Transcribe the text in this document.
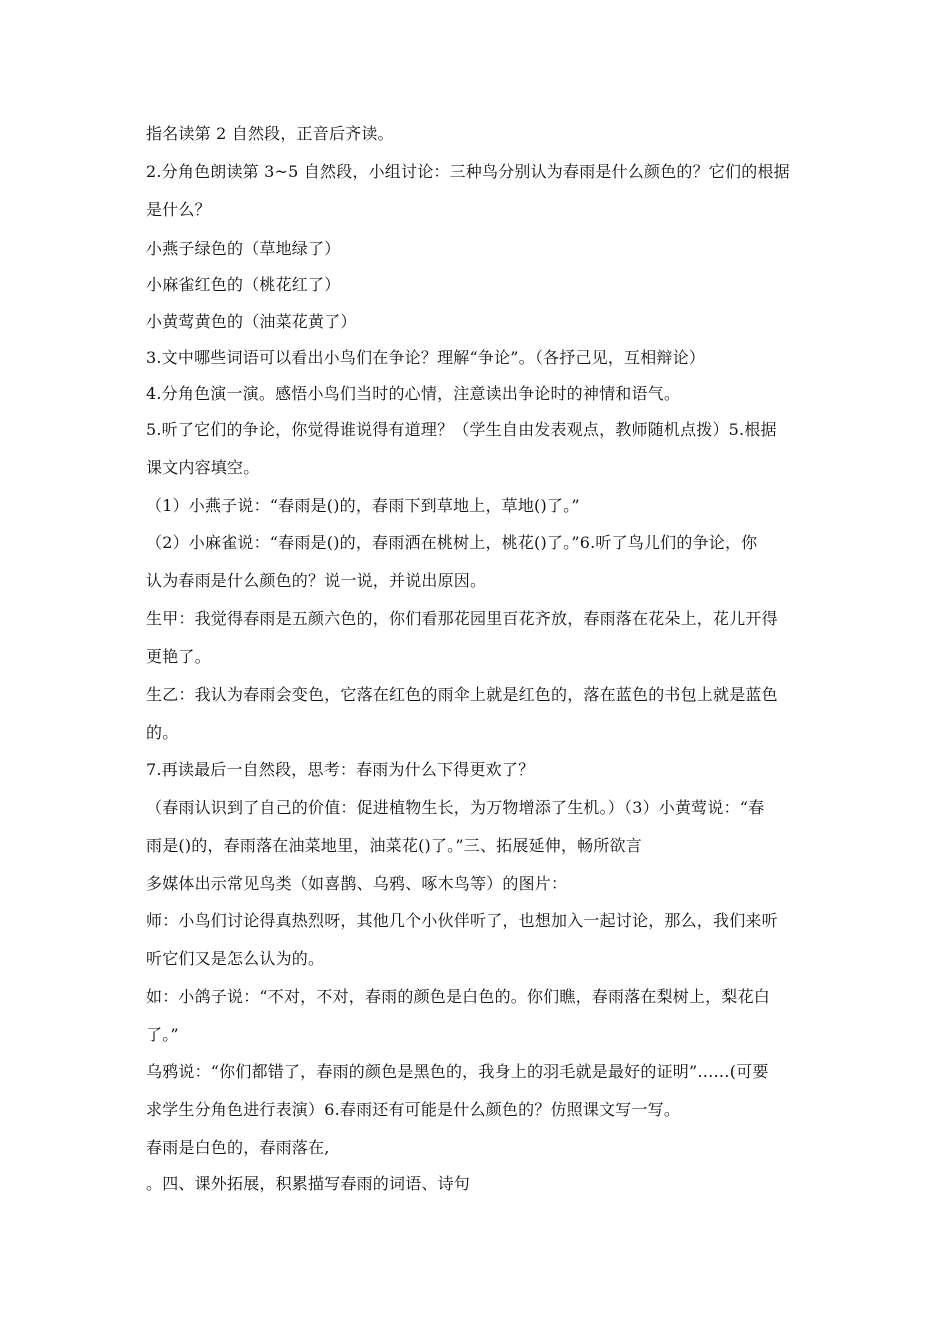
指名读第 2 自然段，正音后齐读。
2.分角色朗读第 3~5 自然段，小组讨论：三种鸟分别认为春雨是什么颜色的？它们的根据
是什么？
小燕子绿色的（草地绿了）
小麻雀红色的（桃花红了）
小黄莺黄色的（油菜花黄了）
3.文中哪些词语可以看出小鸟们在争论？理解“争论”。（各抒己见，互相辩论）
4.分角色演一演。感悟小鸟们当时的心情，注意读出争论时的神情和语气。
5.听了它们的争论，你觉得谁说得有道理？（学生自由发表观点，教师随机点拨）5.根据
课文内容填空。
（1）小燕子说：“春雨是()的，春雨下到草地上，草地()了。”
（2）小麻雀说：“春雨是()的，春雨洒在桃树上，桃花()了。”6.听了鸟儿们的争论，你
认为春雨是什么颜色的？说一说，并说出原因。
生甲：我觉得春雨是五颜六色的，你们看那花园里百花齐放，春雨落在花朵上，花儿开得
更艳了。
生乙：我认为春雨会变色，它落在红色的雨伞上就是红色的，落在蓝色的书包上就是蓝色
的。
7.再读最后一自然段，思考：春雨为什么下得更欢了？
（春雨认识到了自己的价值：促进植物生长，为万物增添了生机。）（3）小黄莺说：“春
雨是()的，春雨落在油菜地里，油菜花()了。”三、拓展延伸，畅所欲言
多媒体出示常见鸟类（如喜鹊、乌鸦、啄木鸟等）的图片：
师：小鸟们讨论得真热烈呀，其他几个小伙伴听了，也想加入一起讨论，那么，我们来听
听它们又是怎么认为的。
如：小鸽子说：“不对，不对，春雨的颜色是白色的。你们瞧，春雨落在梨树上，梨花白
了。”
乌鸦说：“你们都错了，春雨的颜色是黑色的，我身上的羽毛就是最好的证明”……(可要
求学生分角色进行表演）6.春雨还有可能是什么颜色的？仿照课文写一写。
春雨是白色的，春雨落在,
。四、课外拓展，积累描写春雨的词语、诗句
